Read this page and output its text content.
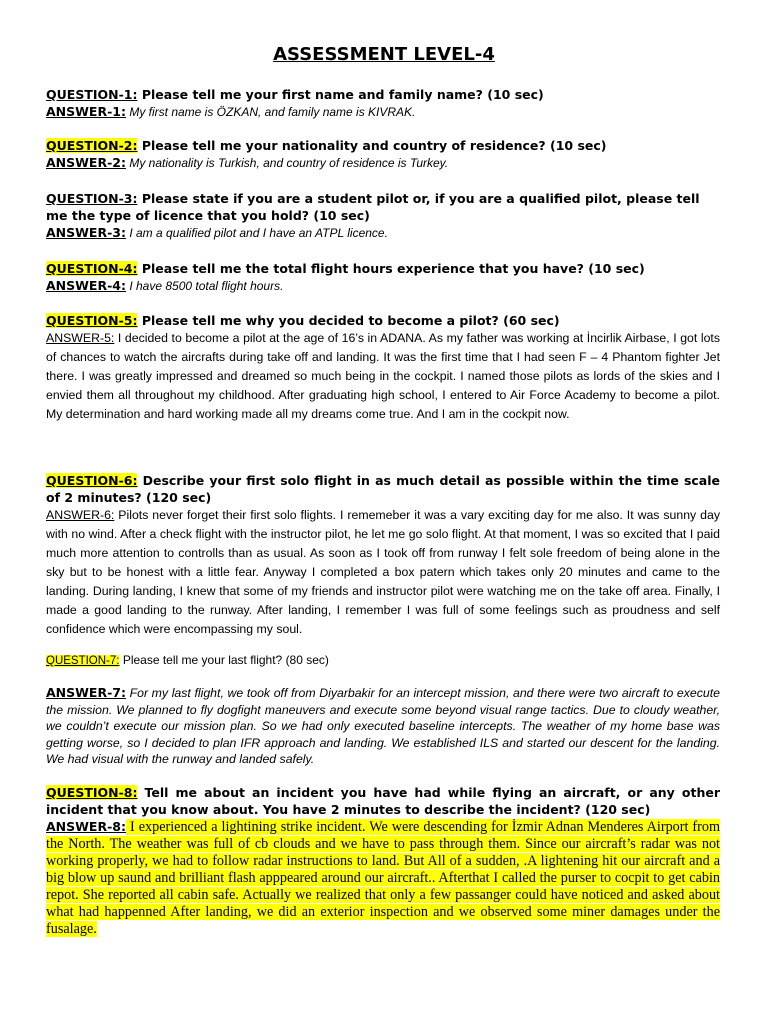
ASSESSMENT LEVEL-4
QUESTION-1: Please tell me your first name and family name? (10 sec)
ANSWER-1: My first name is ÖZKAN, and family name is KIVRAK.
QUESTION-2: Please tell me your nationality and country of residence? (10 sec)
ANSWER-2: My nationality is Turkish, and country of residence is Turkey.
QUESTION-3: Please state if you are a student pilot or, if you are a qualified pilot, please tell me the type of licence that you hold? (10 sec)
ANSWER-3: I am a qualified pilot and I have an ATPL licence.
QUESTION-4: Please tell me the total flight hours experience that you have? (10 sec)
ANSWER-4: I have 8500 total flight hours.
QUESTION-5: Please tell me why you decided to become a pilot? (60 sec)
ANSWER-5: I decided to become a pilot at the age of 16’s in ADANA. As my father was working at İncirlik Airbase, I got lots of chances to watch the aircrafts during take off and landing. It was the first time that I had seen F – 4 Phantom fighter Jet there. I was greatly impressed and dreamed so much being in the cockpit. I named those pilots as lords of the skies and I envied them all throughout my childhood. After graduating high school, I entered to Air Force Academy to become a pilot. My determination and hard working made all my dreams come true. And I am in the cockpit now.
QUESTION-6: Describe your first solo flight in as much detail as possible within the time scale of 2 minutes? (120 sec)
ANSWER-6: Pilots never forget their first solo flights. I rememeber it was a vary exciting day for me also. It was sunny day with no wind. After a check flight with the instructor pilot, he let me go solo flight. At that moment, I was so excited that I paid much more attention to controlls than as usual. As soon as I took off from runway I felt sole freedom of being alone in the sky but to be honest with a little fear. Anyway I completed a box patern which takes only 20 minutes and came to the landing. During landing, I knew that some of my friends and instructor pilot were watching me on the take off area. Finally, I made a good landing to the runway. After landing, I remember I was full of some feelings such as proudness and self confidence which were encompassing my soul.
QUESTION-7: Please tell me your last flight? (80 sec)
ANSWER-7: For my last flight, we took off from Diyarbakir for an intercept mission, and there were two aircraft to execute the mission. We planned to fly dogfight maneuvers and execute some beyond visual range tactics. Due to cloudy weather, we couldn’t execute our mission plan. So we had only executed baseline intercepts. The weather of my home base was getting worse, so I decided to plan IFR approach and landing. We established ILS and started our descent for the landing. We had visual with the runway and landed safely.
QUESTION-8: Tell me about an incident you have had while flying an aircraft, or any other incident that you know about. You have 2 minutes to describe the incident? (120 sec)
ANSWER-8: I experienced a lightining strike incident. We were descending for İzmir Adnan Menderes Airport from the North. The weather was full of cb clouds and we have to pass through them. Since our aircraft’s radar was not working properly, we had to follow radar instructions to land. But All of a sudden, .A lightening hit our aircraft and a big blow up saund and brilliant flash apppeared around our aircraft.. Afterthat I called the purser to cocpit to get cabin repot. She reported all cabin safe. Actually we realized that only a few passanger could have noticed and asked about what had happenned After landing, we did an exterior inspection and we observed some miner damages under the fusalage.
